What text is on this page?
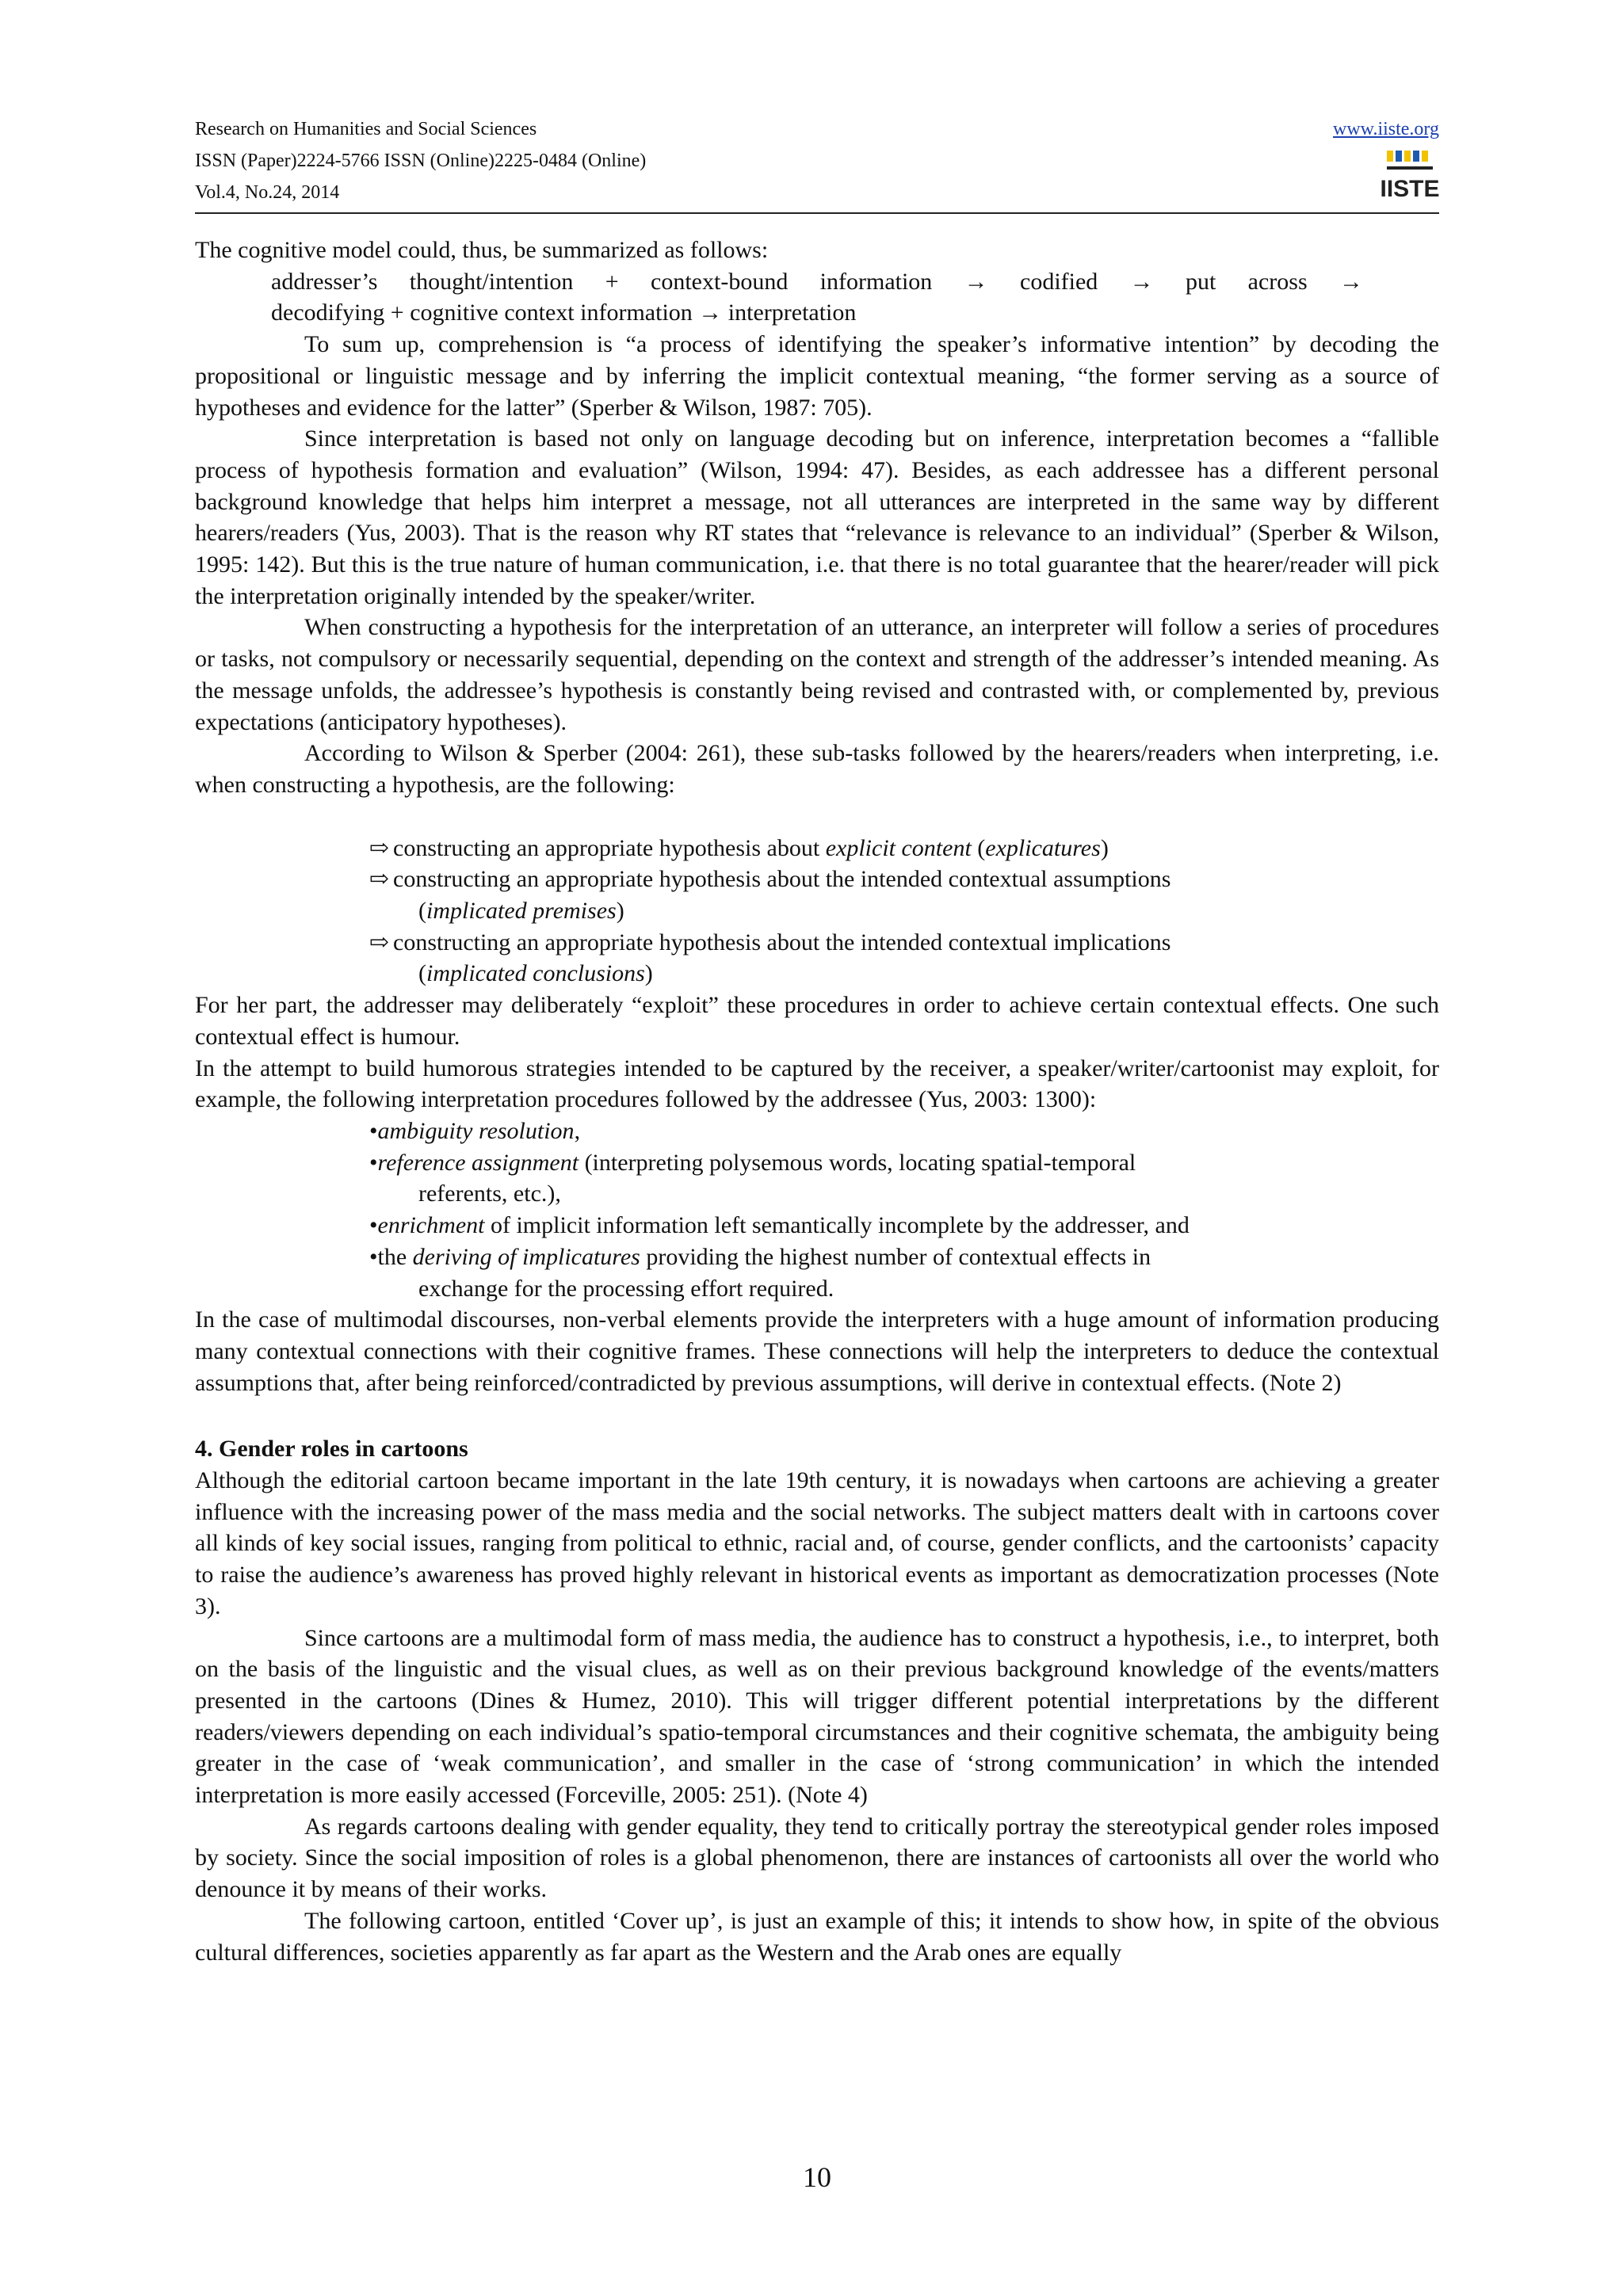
Research on Humanities and Social Sciences
ISSN (Paper)2224-5766 ISSN (Online)2225-0484 (Online)
Vol.4, No.24, 2014
www.iiste.org
IISTE

The cognitive model could, thus, be summarized as follows:

addresser’s thought/intention + context-bound information → codified → put across →
decodifying + cognitive context information → interpretation

To sum up, comprehension is “a process of identifying the speaker’s informative intention” by decoding the propositional or linguistic message and by inferring the implicit contextual meaning, “the former serving as a source of hypotheses and evidence for the latter” (Sperber & Wilson, 1987: 705).

Since interpretation is based not only on language decoding but on inference, interpretation becomes a “fallible process of hypothesis formation and evaluation” (Wilson, 1994: 47). Besides, as each addressee has a different personal background knowledge that helps him interpret a message, not all utterances are interpreted in the same way by different hearers/readers (Yus, 2003). That is the reason why RT states that “relevance is relevance to an individual” (Sperber & Wilson, 1995: 142). But this is the true nature of human communication, i.e. that there is no total guarantee that the hearer/reader will pick the interpretation originally intended by the speaker/writer.

When constructing a hypothesis for the interpretation of an utterance, an interpreter will follow a series of procedures or tasks, not compulsory or necessarily sequential, depending on the context and strength of the addresser’s intended meaning. As the message unfolds, the addressee’s hypothesis is constantly being revised and contrasted with, or complemented by, previous expectations (anticipatory hypotheses).

According to Wilson & Sperber (2004: 261), these sub-tasks followed by the hearers/readers when interpreting, i.e. when constructing a hypothesis, are the following:

⇨ constructing an appropriate hypothesis about explicit content (explicatures)
⇨ constructing an appropriate hypothesis about the intended contextual assumptions
(implicated premises)
⇨ constructing an appropriate hypothesis about the intended contextual implications
(implicated conclusions)

For her part, the addresser may deliberately “exploit” these procedures in order to achieve certain contextual effects. One such contextual effect is humour.

In the attempt to build humorous strategies intended to be captured by the receiver, a speaker/writer/cartoonist may exploit, for example, the following interpretation procedures followed by the addressee (Yus, 2003: 1300):

•ambiguity resolution,
•reference assignment (interpreting polysemous words, locating spatial-temporal
referents, etc.),
•enrichment of implicit information left semantically incomplete by the addresser, and
•the deriving of implicatures providing the highest number of contextual effects in
exchange for the processing effort required.

In the case of multimodal discourses, non-verbal elements provide the interpreters with a huge amount of information producing many contextual connections with their cognitive frames. These connections will help the interpreters to deduce the contextual assumptions that, after being reinforced/contradicted by previous assumptions, will derive in contextual effects. (Note 2)

4. Gender roles in cartoons

Although the editorial cartoon became important in the late 19th century, it is nowadays when cartoons are achieving a greater influence with the increasing power of the mass media and the social networks. The subject matters dealt with in cartoons cover all kinds of key social issues, ranging from political to ethnic, racial and, of course, gender conflicts, and the cartoonists’ capacity to raise the audience’s awareness has proved highly relevant in historical events as important as democratization processes (Note 3).

Since cartoons are a multimodal form of mass media, the audience has to construct a hypothesis, i.e., to interpret, both on the basis of the linguistic and the visual clues, as well as on their previous background knowledge of the events/matters presented in the cartoons (Dines & Humez, 2010). This will trigger different potential interpretations by the different readers/viewers depending on each individual’s spatio-temporal circumstances and their cognitive schemata, the ambiguity being greater in the case of ‘weak communication’, and smaller in the case of ‘strong communication’ in which the intended interpretation is more easily accessed (Forceville, 2005: 251). (Note 4)

As regards cartoons dealing with gender equality, they tend to critically portray the stereotypical gender roles imposed by society. Since the social imposition of roles is a global phenomenon, there are instances of cartoonists all over the world who denounce it by means of their works.

The following cartoon, entitled ‘Cover up’, is just an example of this; it intends to show how, in spite of the obvious cultural differences, societies apparently as far apart as the Western and the Arab ones are equally

10
